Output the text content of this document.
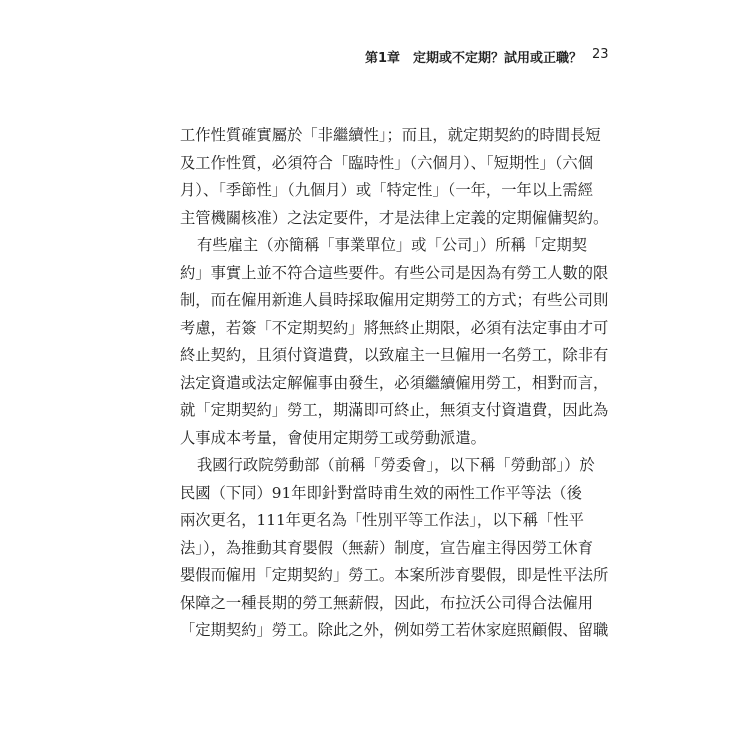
第1章　定期或不定期？試用或正職？ 23
工作性質確實屬於「非繼續性」；而且，就定期契約的時間長短
及工作性質，必須符合「臨時性」（六個月）、「短期性」（六個
月）、「季節性」（九個月）或「特定性」（一年，一年以上需經
主管機關核准）之法定要件，才是法律上定義的定期僱傭契約。
有些雇主（亦簡稱「事業單位」或「公司」）所稱「定期契
約」事實上並不符合這些要件。有些公司是因為有勞工人數的限
制，而在僱用新進人員時採取僱用定期勞工的方式；有些公司則
考慮，若簽「不定期契約」將無終止期限，必須有法定事由才可
終止契約，且須付資遣費，以致雇主一旦僱用一名勞工，除非有
法定資遣或法定解僱事由發生，必須繼續僱用勞工，相對而言，
就「定期契約」勞工，期滿即可終止，無須支付資遣費，因此為
人事成本考量，會使用定期勞工或勞動派遣。
我國行政院勞動部（前稱「勞委會」，以下稱「勞動部」）於
民國（下同）91年即針對當時甫生效的兩性工作平等法（後
兩次更名，111年更名為「性別平等工作法」，以下稱「性平
法」），為推動其育嬰假（無薪）制度，宣告雇主得因勞工休育
嬰假而僱用「定期契約」勞工。本案所涉育嬰假，即是性平法所
保障之一種長期的勞工無薪假，因此，布拉沃公司得合法僱用
「定期契約」勞工。除此之外，例如勞工若休家庭照顧假、留職
